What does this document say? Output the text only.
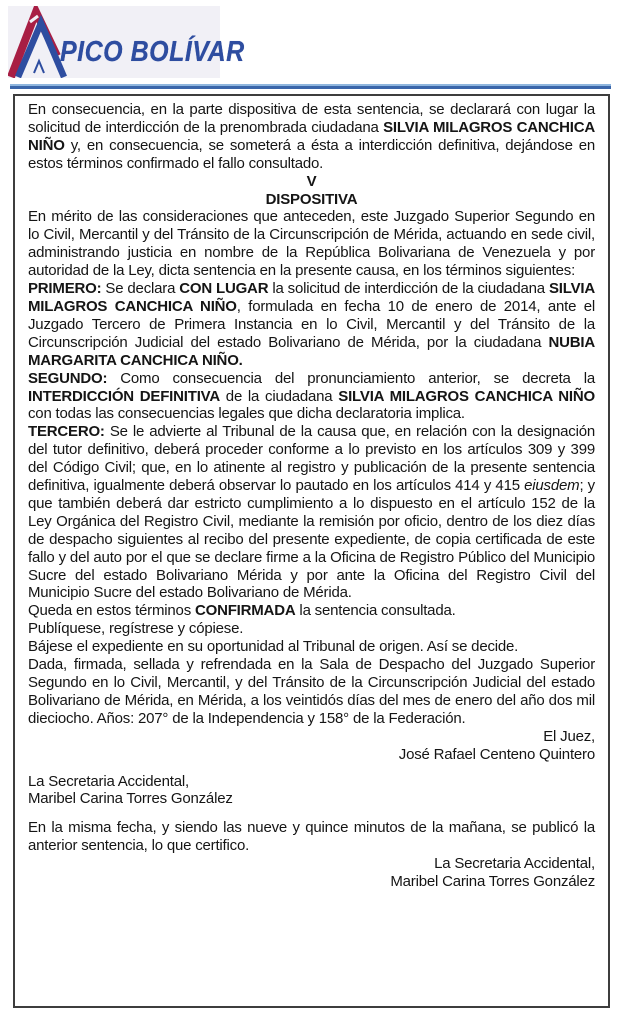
PICO BOLÍVAR

En consecuencia, en la parte dispositiva de esta sentencia, se declarará con lugar la solicitud de interdicción de la prenombrada ciudadana SILVIA MILAGROS CANCHICA NIÑO y, en consecuencia, se someterá a ésta a interdicción definitiva, dejándose en estos términos confirmado el fallo consultado.

V

DISPOSITIVA

En mérito de las consideraciones que anteceden, este Juzgado Superior Segundo en lo Civil, Mercantil y del Tránsito de la Circunscripción de Mérida, actuando en sede civil, administrando justicia en nombre de la República Bolivariana de Venezuela y por autoridad de la Ley, dicta sentencia en la presente causa, en los términos siguientes:

PRIMERO: Se declara CON LUGAR la solicitud de interdicción de la ciudadana SILVIA MILAGROS CANCHICA NIÑO, formulada en fecha 10 de enero de 2014, ante el Juzgado Tercero de Primera Instancia en lo Civil, Mercantil y del Tránsito de la Circunscripción Judicial del estado Bolivariano de Mérida, por la ciudadana NUBIA MARGARITA CANCHICA NIÑO.

SEGUNDO: Como consecuencia del pronunciamiento anterior, se decreta la INTERDICCIÓN DEFINITIVA de la ciudadana SILVIA MILAGROS CANCHICA NIÑO con todas las consecuencias legales que dicha declaratoria implica.

TERCERO: Se le advierte al Tribunal de la causa que, en relación con la designación del tutor definitivo, deberá proceder conforme a lo previsto en los artículos 309 y 399 del Código Civil; que, en lo atinente al registro y publicación de la presente sentencia definitiva, igualmente deberá observar lo pautado en los artículos 414 y 415 eiusdem; y que también deberá dar estricto cumplimiento a lo dispuesto en el artículo 152 de la Ley Orgánica del Registro Civil, mediante la remisión por oficio, dentro de los diez días de despacho siguientes al recibo del presente expediente, de copia certificada de este fallo y del auto por el que se declare firme a la Oficina de Registro Público del Municipio Sucre del estado Bolivariano Mérida y por ante la Oficina del Registro Civil del Municipio Sucre del estado Bolivariano de Mérida.

Queda en estos términos CONFIRMADA la sentencia consultada.

Publíquese, regístrese y cópiese.

Bájese el expediente en su oportunidad al Tribunal de origen. Así se decide.

Dada, firmada, sellada y refrendada en la Sala de Despacho del Juzgado Superior Segundo en lo Civil, Mercantil, y del Tránsito de la Circunscripción Judicial del estado Bolivariano de Mérida, en Mérida, a los veintidós días del mes de enero del año dos mil dieciocho. Años: 207° de la Independencia y 158° de la Federación.

El Juez,

José Rafael Centeno Quintero

La Secretaria Accidental,

Maribel Carina Torres González

En la misma fecha, y siendo las nueve y quince minutos de la mañana, se publicó la anterior sentencia, lo que certifico.

La Secretaria Accidental,

Maribel Carina Torres González
